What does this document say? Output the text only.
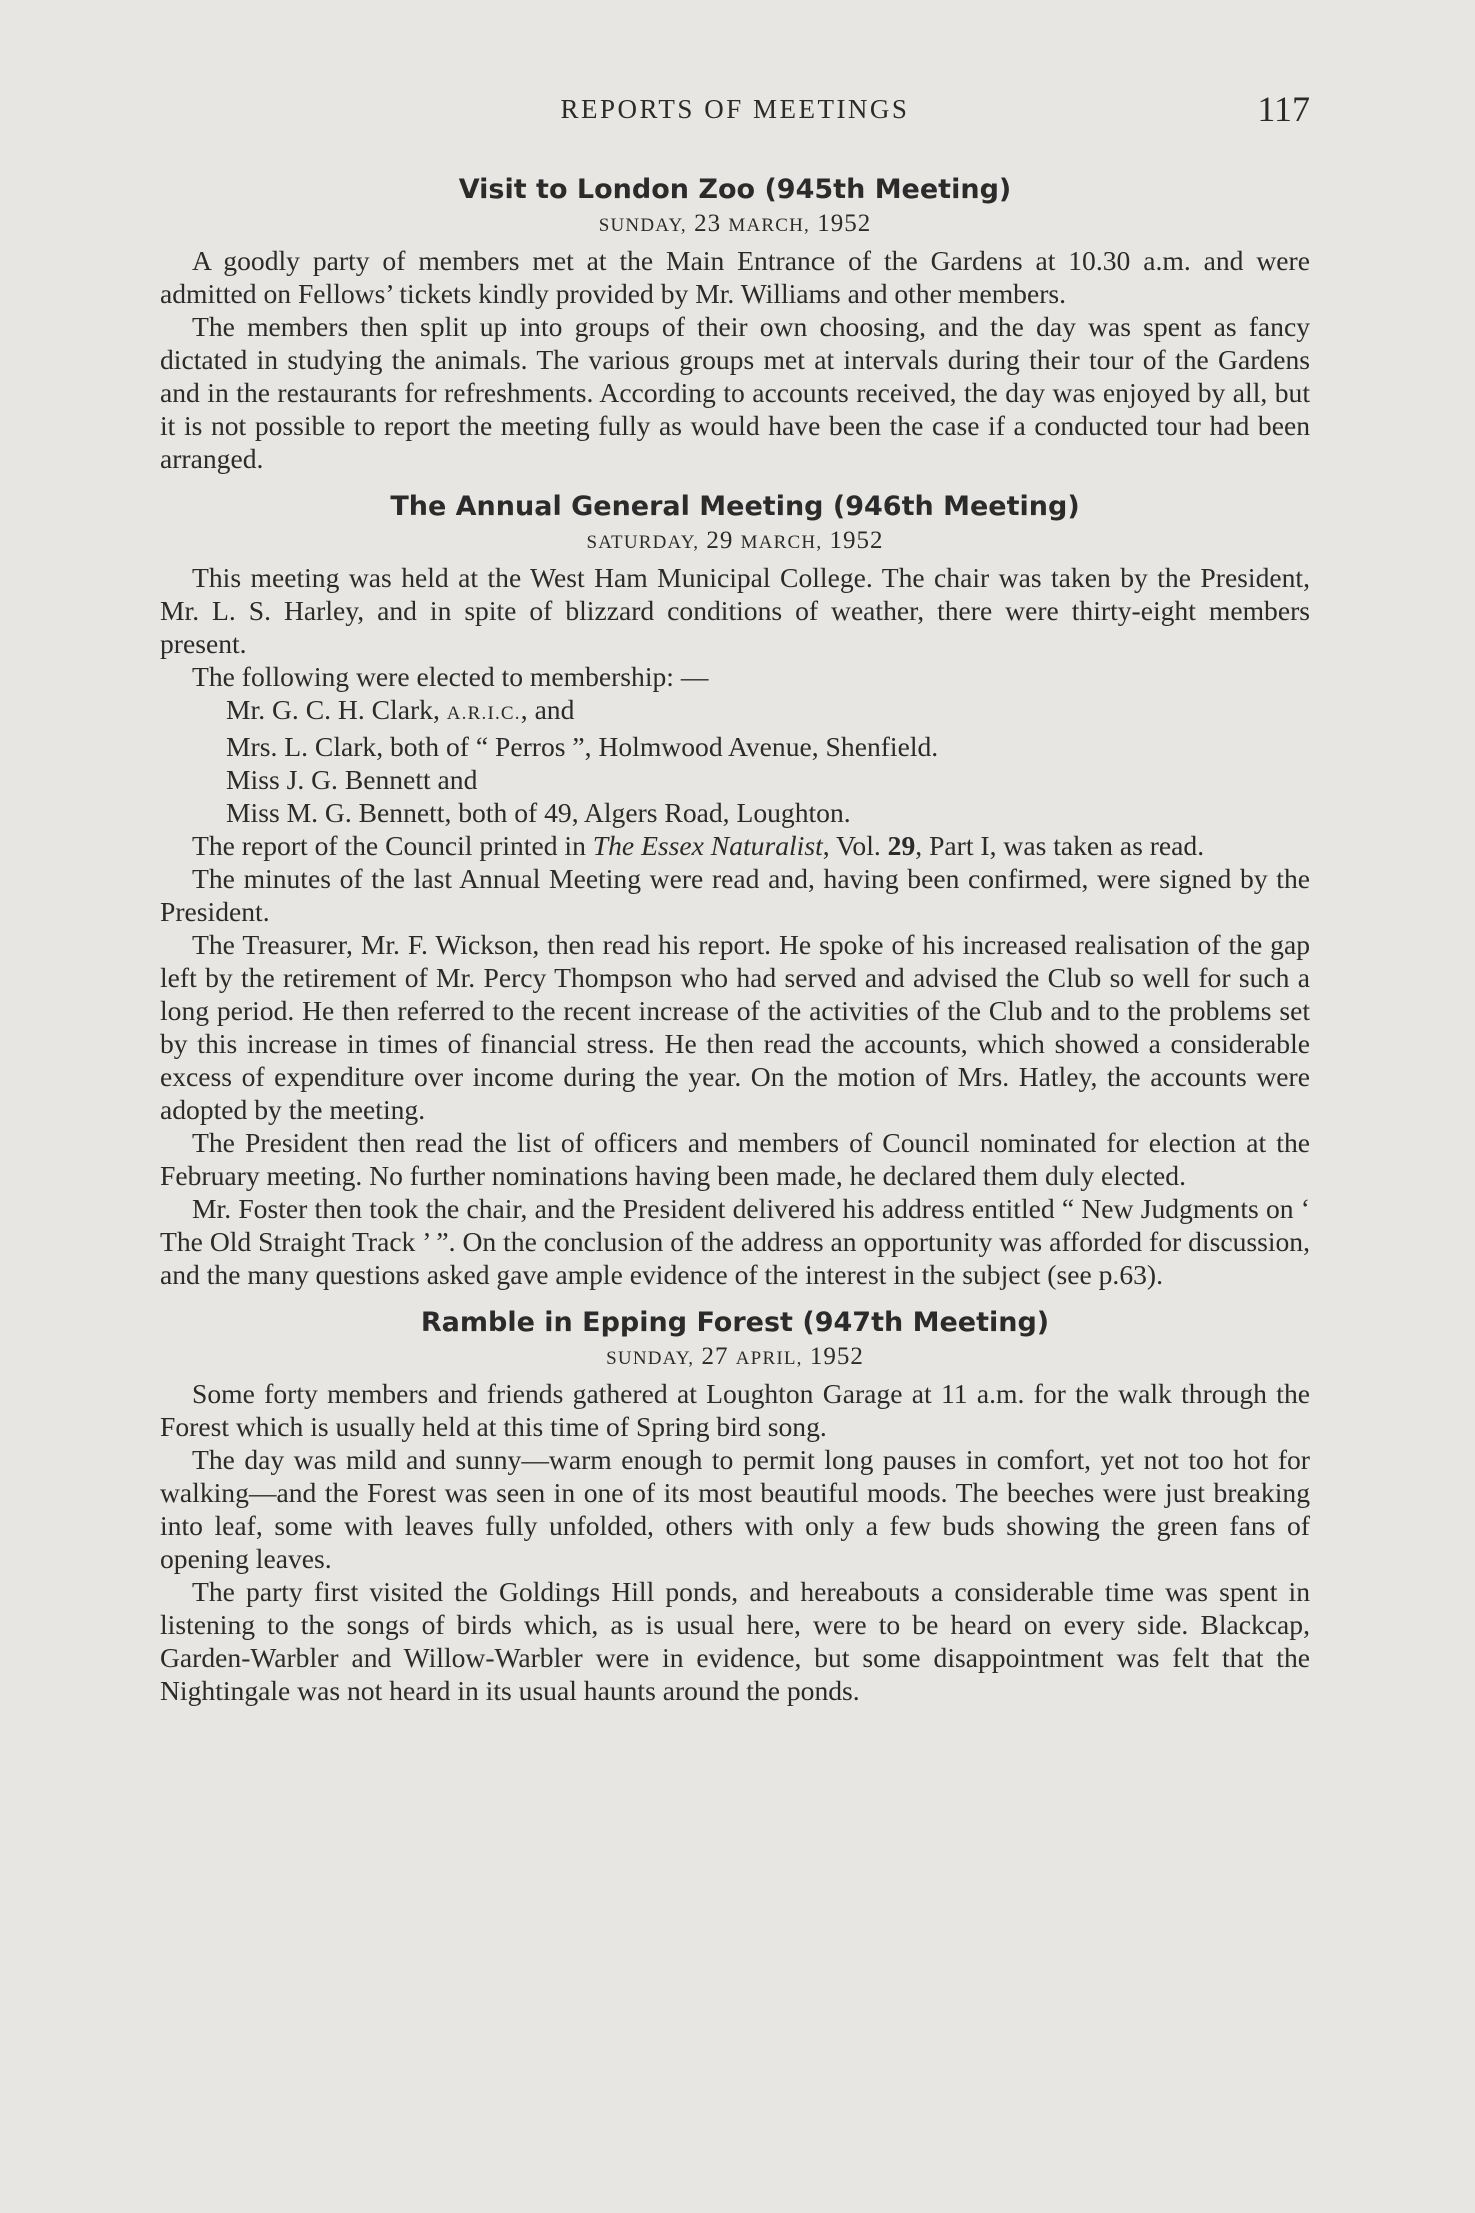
REPORTS OF MEETINGS	117
Visit to London Zoo (945th Meeting)
SUNDAY, 23 MARCH, 1952

A goodly party of members met at the Main Entrance of the Gardens at 10.30 a.m. and were admitted on Fellows’ tickets kindly provided by Mr. Williams and other members.

The members then split up into groups of their own choosing, and the day was spent as fancy dictated in studying the animals. The various groups met at intervals during their tour of the Gardens and in the restaurants for refreshments. According to accounts received, the day was enjoyed by all, but it is not possible to report the meeting fully as would have been the case if a conducted tour had been arranged.

The Annual General Meeting (946th Meeting)
SATURDAY, 29 MARCH, 1952

This meeting was held at the West Ham Municipal College. The chair was taken by the President, Mr. L. S. Harley, and in spite of blizzard conditions of weather, there were thirty-eight members present.

The following were elected to membership: —

Mr. G. C. H. Clark, A.R.I.C., and

Mrs. L. Clark, both of “ Perros ”, Holmwood Avenue, Shenfield.

Miss J. G. Bennett and

Miss M. G. Bennett, both of 49, Algers Road, Loughton.

The report of the Council printed in The Essex Naturalist, Vol. 29, Part I, was taken as read.

The minutes of the last Annual Meeting were read and, having been confirmed, were signed by the President.

The Treasurer, Mr. F. Wickson, then read his report. He spoke of his increased realisation of the gap left by the retirement of Mr. Percy Thompson who had served and advised the Club so well for such a long period. He then referred to the recent increase of the activities of the Club and to the problems set by this increase in times of financial stress. He then read the accounts, which showed a considerable excess of expenditure over income during the year. On the motion of Mrs. Hatley, the accounts were adopted by the meeting.

The President then read the list of officers and members of Council nominated for election at the February meeting. No further nominations having been made, he declared them duly elected.

Mr. Foster then took the chair, and the President delivered his address entitled “ New Judgments on ‘ The Old Straight Track ’ ”. On the conclusion of the address an opportunity was afforded for discussion, and the many questions asked gave ample evidence of the interest in the subject (see p.63).

Ramble in Epping Forest (947th Meeting)
SUNDAY, 27 APRIL, 1952

Some forty members and friends gathered at Loughton Garage at 11 a.m. for the walk through the Forest which is usually held at this time of Spring bird song.

The day was mild and sunny—warm enough to permit long pauses in comfort, yet not too hot for walking—and the Forest was seen in one of its most beautiful moods. The beeches were just breaking into leaf, some with leaves fully unfolded, others with only a few buds showing the green fans of opening leaves.

The party first visited the Goldings Hill ponds, and hereabouts a considerable time was spent in listening to the songs of birds which, as is usual here, were to be heard on every side. Blackcap, Garden-Warbler and Willow-Warbler were in evidence, but some disappointment was felt that the Nightingale was not heard in its usual haunts around the ponds.
